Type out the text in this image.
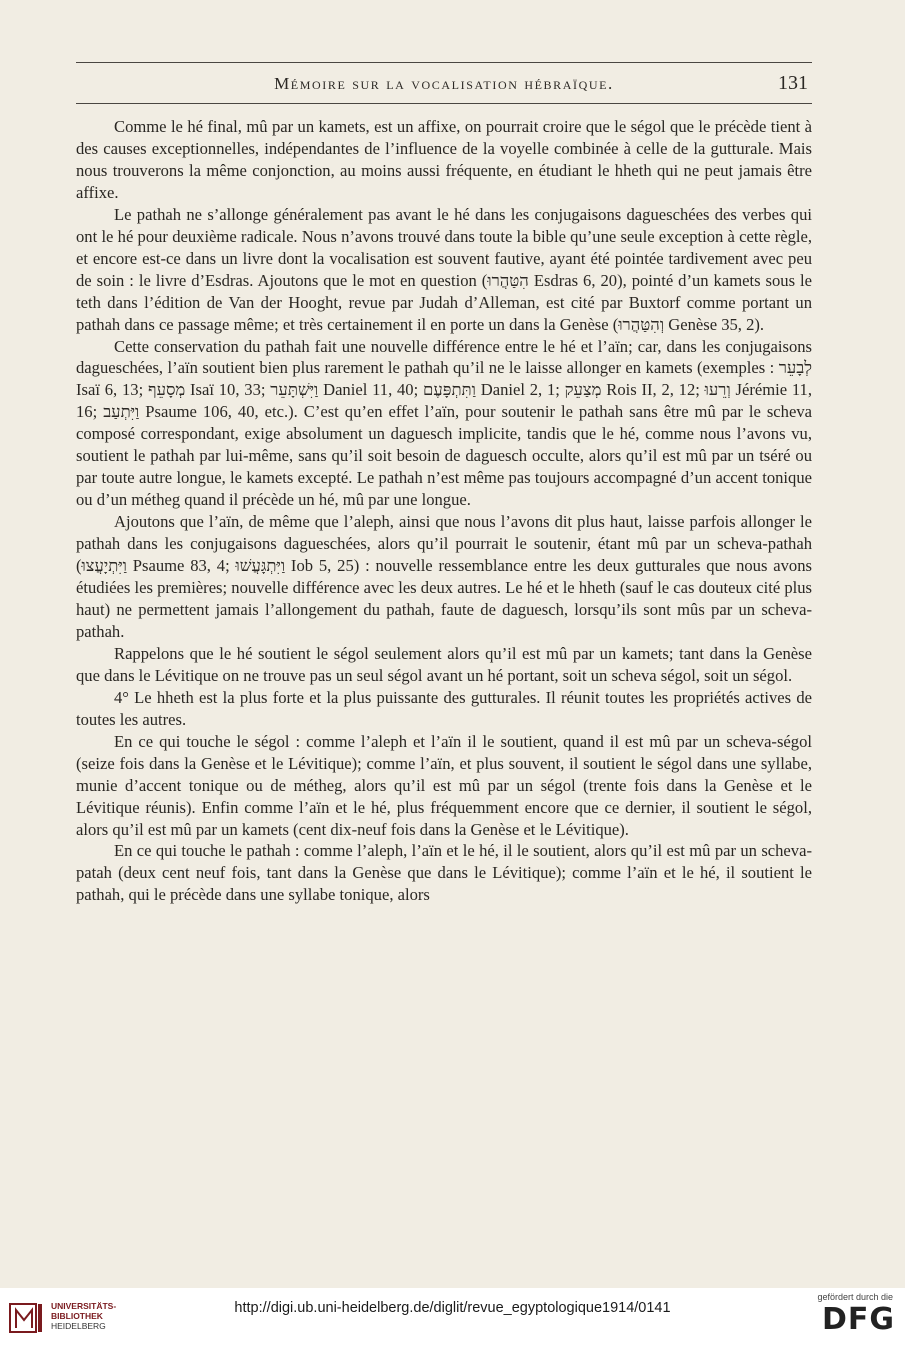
Mémoire sur la vocalisation hébraïque.	131

Comme le hé final, mû par un kamets, est un affixe, on pourrait croire que le ségol que le précède tient à des causes exceptionnelles, indépendantes de l’influence de la voyelle combinée à celle de la gutturale. Mais nous trouverons la même conjonction, au moins aussi fréquente, en étudiant le hheth qui ne peut jamais être affixe.

Le pathah ne s’allonge généralement pas avant le hé dans les conjugaisons dagueschées des verbes qui ont le hé pour deuxième radicale. Nous n’avons trouvé dans toute la bible qu’une seule exception à cette règle, et encore est-ce dans un livre dont la vocalisation est souvent fautive, ayant été pointée tardivement avec peu de soin : le livre d’Esdras. Ajoutons que le mot en question (הִטַּהֲרוּ Esdras 6, 20), pointé d’un kamets sous le teth dans l’édition de Van der Hooght, revue par Judah d’Alleman, est cité par Buxtorf comme portant un pathah dans ce passage même; et très certainement il en porte un dans la Genèse (וְהִטַּהֲרוּ Genèse 35, 2).

Cette conservation du pathah fait une nouvelle différence entre le hé et l’aïn; car, dans les conjugaisons dagueschées, l’aïn soutient bien plus rarement le pathah qu’il ne le laisse allonger en kamets (exemples : לְבָעֵר Isaï 6, 13; מְסָעֵף Isaï 10, 33; וַיִּשְׁתָּעֵר Daniel 11, 40; וַתִּתְפָּעֶם Daniel 2, 1; מְצַעֵק Rois II, 2, 12; וְרֵעוּ Jérémie 11, 16; וַיִּתְעַב Psaume 106, 40, etc.). C’est qu’en effet l’aïn, pour soutenir le pathah sans être mû par le scheva composé correspondant, exige absolument un daguesch implicite, tandis que le hé, comme nous l’avons vu, soutient le pathah par lui-même, sans qu’il soit besoin de daguesch occulte, alors qu’il est mû par un tséré ou par toute autre longue, le kamets excepté. Le pathah n’est même pas toujours accompagné d’un accent tonique ou d’un métheg quand il précède un hé, mû par une longue.

Ajoutons que l’aïn, de même que l’aleph, ainsi que nous l’avons dit plus haut, laisse parfois allonger le pathah dans les conjugaisons dagueschées, alors qu’il pourrait le soutenir, étant mû par un scheva-pathah (וַיִּתְיָעֲצוּ Psaume 83, 4; וַיִּתְגָּעֲשׁוּ Iob 5, 25) : nouvelle ressemblance entre les deux gutturales que nous avons étudiées les premières; nouvelle différence avec les deux autres. Le hé et le hheth (sauf le cas douteux cité plus haut) ne permettent jamais l’allongement du pathah, faute de daguesch, lorsqu’ils sont mûs par un scheva-pathah.

Rappelons que le hé soutient le ségol seulement alors qu’il est mû par un kamets; tant dans la Genèse que dans le Lévitique on ne trouve pas un seul ségol avant un hé portant, soit un scheva ségol, soit un ségol.

4° Le hheth est la plus forte et la plus puissante des gutturales. Il réunit toutes les propriétés actives de toutes les autres.

En ce qui touche le ségol : comme l’aleph et l’aïn il le soutient, quand il est mû par un scheva-ségol (seize fois dans la Genèse et le Lévitique); comme l’aïn, et plus souvent, il soutient le ségol dans une syllabe, munie d’accent tonique ou de métheg, alors qu’il est mû par un ségol (trente fois dans la Genèse et le Lévitique réunis). Enfin comme l’aïn et le hé, plus fréquemment encore que ce dernier, il soutient le ségol, alors qu’il est mû par un kamets (cent dix-neuf fois dans la Genèse et le Lévitique).

En ce qui touche le pathah : comme l’aleph, l’aïn et le hé, il le soutient, alors qu’il est mû par un scheva-patah (deux cent neuf fois, tant dans la Genèse que dans le Lévitique); comme l’aïn et le hé, il soutient le pathah, qui le précède dans une syllabe tonique, alors

UNIVERSITÄTS-
BIBLIOTHEK
HEIDELBERG
http://digi.ub.uni-heidelberg.de/diglit/revue_egyptologique1914/0141
gefördert durch die
DFG
